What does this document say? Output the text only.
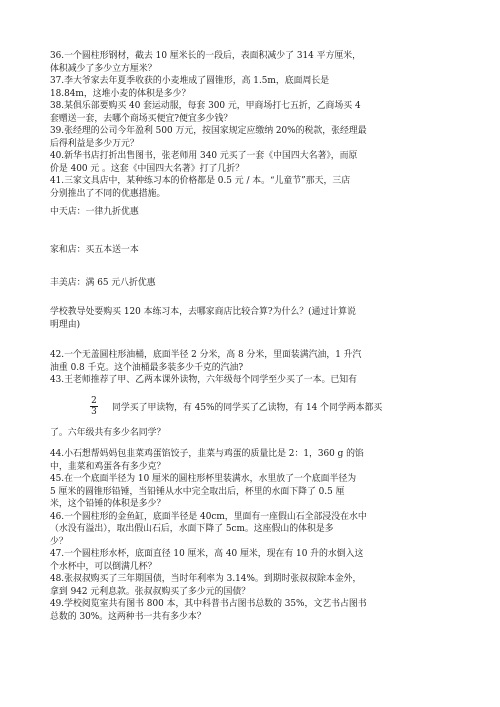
36.一个圆柱形钢材，截去 10 厘米长的一段后，表面积减少了 314 平方厘米，

体积减少了多少立方厘米？

37.李大爷家去年夏季收获的小麦堆成了圆锥形，高 1.5m，底面周长是

18.84m，这堆小麦的体积是多少？

38.某俱乐部要购买 40 套运动服，每套 300 元，甲商场打七五折，乙商场买 4

套赠送一套，去哪个商场买便宜?便宜多少钱？

39.张经理的公司今年盈利 500 万元，按国家规定应缴纳 20%的税款，张经理最

后得利益是多少万元？

40.新华书店打折出售图书，张老师用 340 元买了一套《中国四大名著》，而原

价是 400 元 。这套《中国四大名著》打了几折？

41.三家文具店中，某种练习本的价格都是 0.5 元 / 本。“儿童节”那天，三店

分别推出了不同的优惠措施。

中天店：一律九折优惠

家和店：买五本送一本

丰美店：满 65 元八折优惠

学校教导处要购买 120 本练习本，去哪家商店比较合算?为什么？(通过计算说

明理由)

42.一个无盖圆柱形油桶，底面半径 2 分米，高 8 分米，里面装满汽油，1 升汽

油重 0.8 千克。这个油桶最多装多少千克的汽油?

43.王老师推荐了甲、乙两本课外读物，六年级每个同学至少买了一本。已知有

$\frac{2}{3}$ 同学买了甲读物，有 45%的同学买了乙读物，有 14 个同学两本都买

了。六年级共有多少名同学？

44.小石想帮妈妈包韭菜鸡蛋馅饺子，韭菜与鸡蛋的质量比是 2：1，360 g 的馅

中，韭菜和鸡蛋各有多少克？

45.在一个底面半径为 10 厘米的圆柱形杯里装满水，水里放了一个底面半径为

5 厘米的圆锥形铅锤，当铅锤从水中完全取出后，杯里的水面下降了 0.5 厘

米，这个铅锤的体积是多少？

46.一个圆柱形的金鱼缸，底面半径是 40cm，里面有一座假山石全部浸没在水中

（水没有溢出），取出假山石后，水面下降了 5cm。这座假山的体积是多

少？

47.一个圆柱形水杯，底面直径 10 厘米，高 40 厘米，现在有 10 升的水倒入这

个水杯中，可以倒满几杯？

48.张叔叔购买了三年期国债，当时年利率为 3.14%。到期时张叔叔除本金外，

拿到 942 元利息款。张叔叔购买了多少元的国债？

49.学校阅览室共有图书 800 本，其中科普书占图书总数的 35%，文艺书占图书

总数的 30%。这两种书一共有多少本？
